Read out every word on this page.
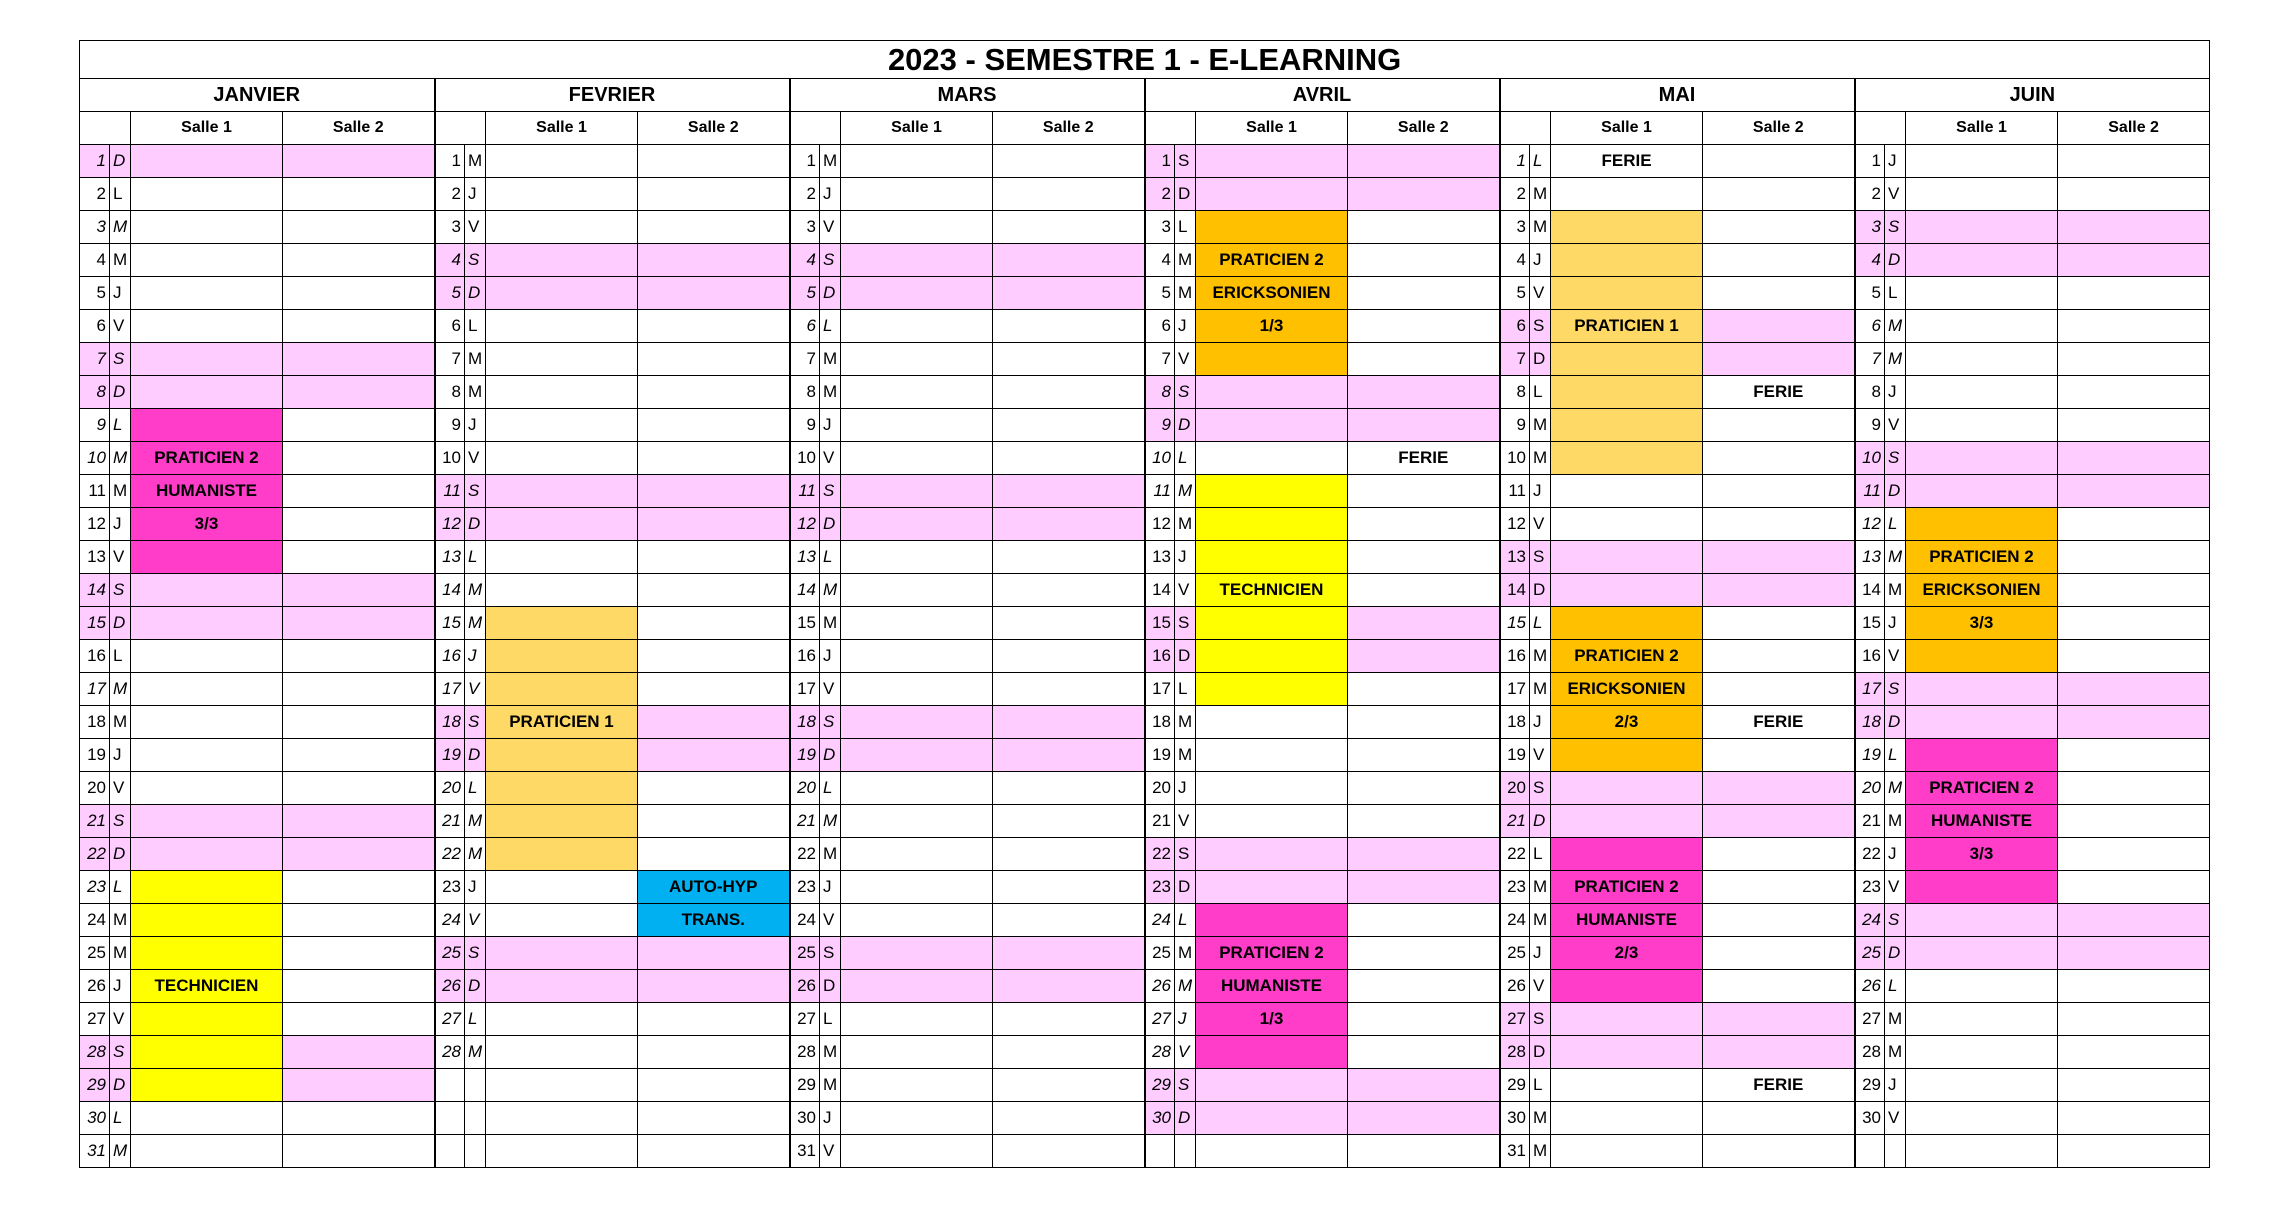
2023 - SEMESTRE 1 - E-LEARNING																							
JANVIER				FEVRIER				MARS				AVRIL				MAI				JUIN			
		Salle 1	Salle 2			Salle 1	Salle 2			Salle 1	Salle 2			Salle 1	Salle 2			Salle 1	Salle 2			Salle 1	Salle 2
1	D			1	M			1	M			1	S			1	L	FERIE		1	J		
2	L			2	J			2	J			2	D			2	M			2	V		
3	M			3	V			3	V			3	L			3	M			3	S		
4	M			4	S			4	S			4	M	PRATICIEN 2		4	J			4	D		
5	J			5	D			5	D			5	M	ERICKSONIEN		5	V			5	L		
6	V			6	L			6	L			6	J	1/3		6	S	PRATICIEN 1		6	M		
7	S			7	M			7	M			7	V			7	D			7	M		
8	D			8	M			8	M			8	S			8	L		FERIE	8	J		
9	L			9	J			9	J			9	D			9	M			9	V		
10	M	PRATICIEN 2		10	V			10	V			10	L		FERIE	10	M			10	S		
11	M	HUMANISTE		11	S			11	S			11	M			11	J			11	D		
12	J	3/3		12	D			12	D			12	M			12	V			12	L		
13	V			13	L			13	L			13	J			13	S			13	M	PRATICIEN 2	
14	S			14	M			14	M			14	V	TECHNICIEN		14	D			14	M	ERICKSONIEN	
15	D			15	M			15	M			15	S			15	L			15	J	3/3	
16	L			16	J			16	J			16	D			16	M	PRATICIEN 2		16	V		
17	M			17	V			17	V			17	L			17	M	ERICKSONIEN		17	S		
18	M			18	S	PRATICIEN 1		18	S			18	M			18	J	2/3	FERIE	18	D		
19	J			19	D			19	D			19	M			19	V			19	L		
20	V			20	L			20	L			20	J			20	S			20	M	PRATICIEN 2	
21	S			21	M			21	M			21	V			21	D			21	M	HUMANISTE	
22	D			22	M			22	M			22	S			22	L			22	J	3/3	
23	L			23	J		AUTO-HYP	23	J			23	D			23	M	PRATICIEN 2		23	V		
24	M			24	V		TRANS.	24	V			24	L			24	M	HUMANISTE		24	S		
25	M			25	S			25	S			25	M	PRATICIEN 2		25	J	2/3		25	D		
26	J	TECHNICIEN		26	D			26	D			26	M	HUMANISTE		26	V			26	L		
27	V			27	L			27	L			27	J	1/3		27	S			27	M		
28	S			28	M			28	M			28	V			28	D			28	M		
29	D							29	M			29	S			29	L		FERIE	29	J		
30	L							30	J			30	D			30	M			30	V		
31	M							31	V							31	M						
